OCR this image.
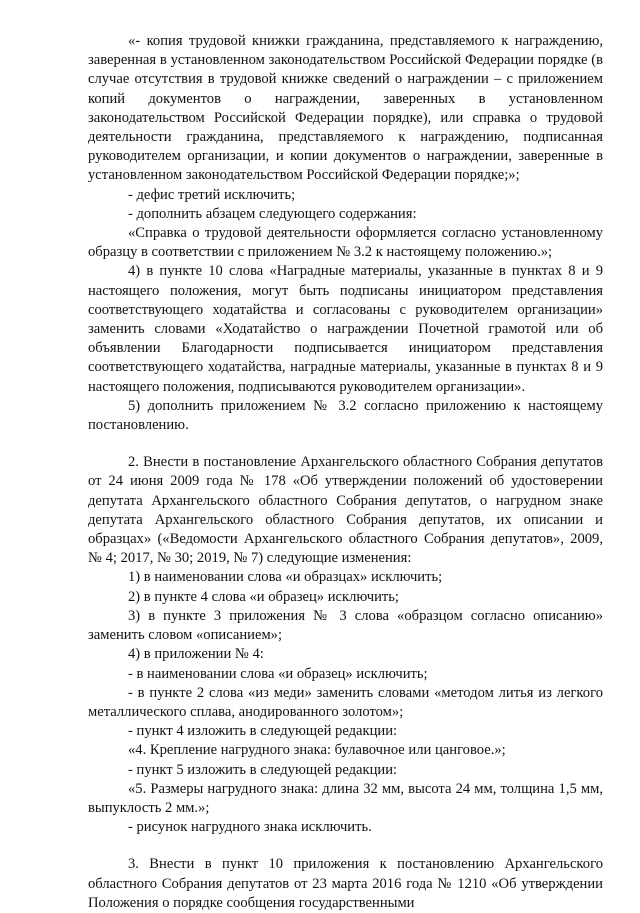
«- копия трудовой книжки гражданина, представляемого к награждению, заверенная в установленном законодательством Российской Федерации порядке (в случае отсутствия в трудовой книжке сведений о награждении – с приложением копий документов о награждении, заверенных в установленном законодательством Российской Федерации порядке), или справка о трудовой деятельности гражданина, представляемого к награждению, подписанная руководителем организации, и копии документов о награждении, заверенные в установленном законодательством Российской Федерации порядке;»;

- дефис третий исключить;

- дополнить абзацем следующего содержания:

«Справка о трудовой деятельности оформляется согласно установленному образцу в соответствии с приложением № 3.2 к настоящему положению.»;

4) в пункте 10 слова «Наградные материалы, указанные в пунктах 8 и 9 настоящего положения, могут быть подписаны инициатором представления соответствующего ходатайства и согласованы с руководителем организации» заменить словами «Ходатайство о награждении Почетной грамотой или об объявлении Благодарности подписывается инициатором представления соответствующего ходатайства, наградные материалы, указанные в пунктах 8 и 9 настоящего положения, подписываются руководителем организации».

5) дополнить приложением № 3.2 согласно приложению к настоящему постановлению.

2. Внести в постановление Архангельского областного Собрания депутатов от 24 июня 2009 года № 178 «Об утверждении положений об удостоверении депутата Архангельского областного Собрания депутатов, о нагрудном знаке депутата Архангельского областного Собрания депутатов, их описании и образцах» («Ведомости Архангельского областного Собрания депутатов», 2009, № 4; 2017, № 30; 2019, № 7) следующие изменения:

1) в наименовании слова «и образцах» исключить;

2) в пункте 4 слова «и образец» исключить;

3) в пункте 3 приложения № 3 слова «образцом согласно описанию» заменить словом «описанием»;

4) в приложении № 4:

- в наименовании слова «и образец» исключить;

- в пункте 2 слова «из меди» заменить словами «методом литья из легкого металлического сплава, анодированного золотом»;

- пункт 4 изложить в следующей редакции:

«4. Крепление нагрудного знака: булавочное или цанговое.»;

- пункт 5 изложить в следующей редакции:

«5. Размеры нагрудного знака: длина 32 мм, высота 24 мм, толщина 1,5 мм, выпуклость 2 мм.»;

- рисунок нагрудного знака исключить.

3. Внести в пункт 10 приложения к постановлению Архангельского областного Собрания депутатов от 23 марта 2016 года № 1210 «Об утверждении Положения о порядке сообщения государственными
